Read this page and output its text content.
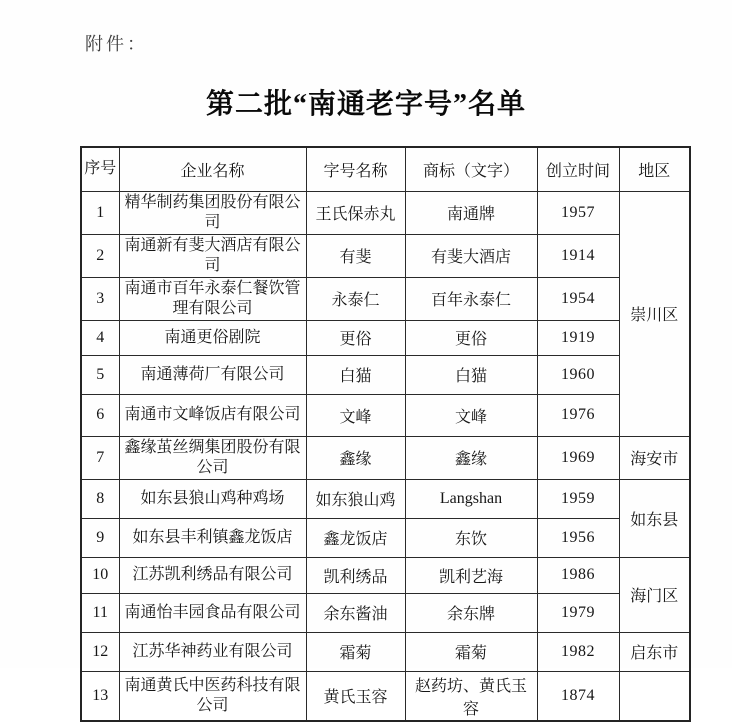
附件：
第二批“南通老字号”名单
序号	企业名称	字号名称	商标（文字）	创立时间	地区
1	精华制药集团股份有限公司	王氏保赤丸	南通牌	1957	崇川区
2	南通新有斐大酒店有限公司	有斐	有斐大酒店	1914	
3	南通市百年永泰仁餐饮管理有限公司	永泰仁	百年永泰仁	1954	
4	南通更俗剧院	更俗	更俗	1919	
5	南通薄荷厂有限公司	白猫	白猫	1960	
6	南通市文峰饭店有限公司	文峰	文峰	1976	
7	鑫缘茧丝绸集团股份有限公司	鑫缘	鑫缘	1969	海安市
8	如东县狼山鸡种鸡场	如东狼山鸡	Langshan	1959	如东县
9	如东县丰利镇鑫龙饭店	鑫龙饭店	东饮	1956	
10	江苏凯利绣品有限公司	凯利绣品	凯利艺海	1986	海门区
11	南通怡丰园食品有限公司	余东酱油	余东牌	1979	
12	江苏华神药业有限公司	霜菊	霜菊	1982	启东市
13	南通黄氏中医药科技有限公司	黄氏玉容	赵药坊、黄氏玉容	1874	
